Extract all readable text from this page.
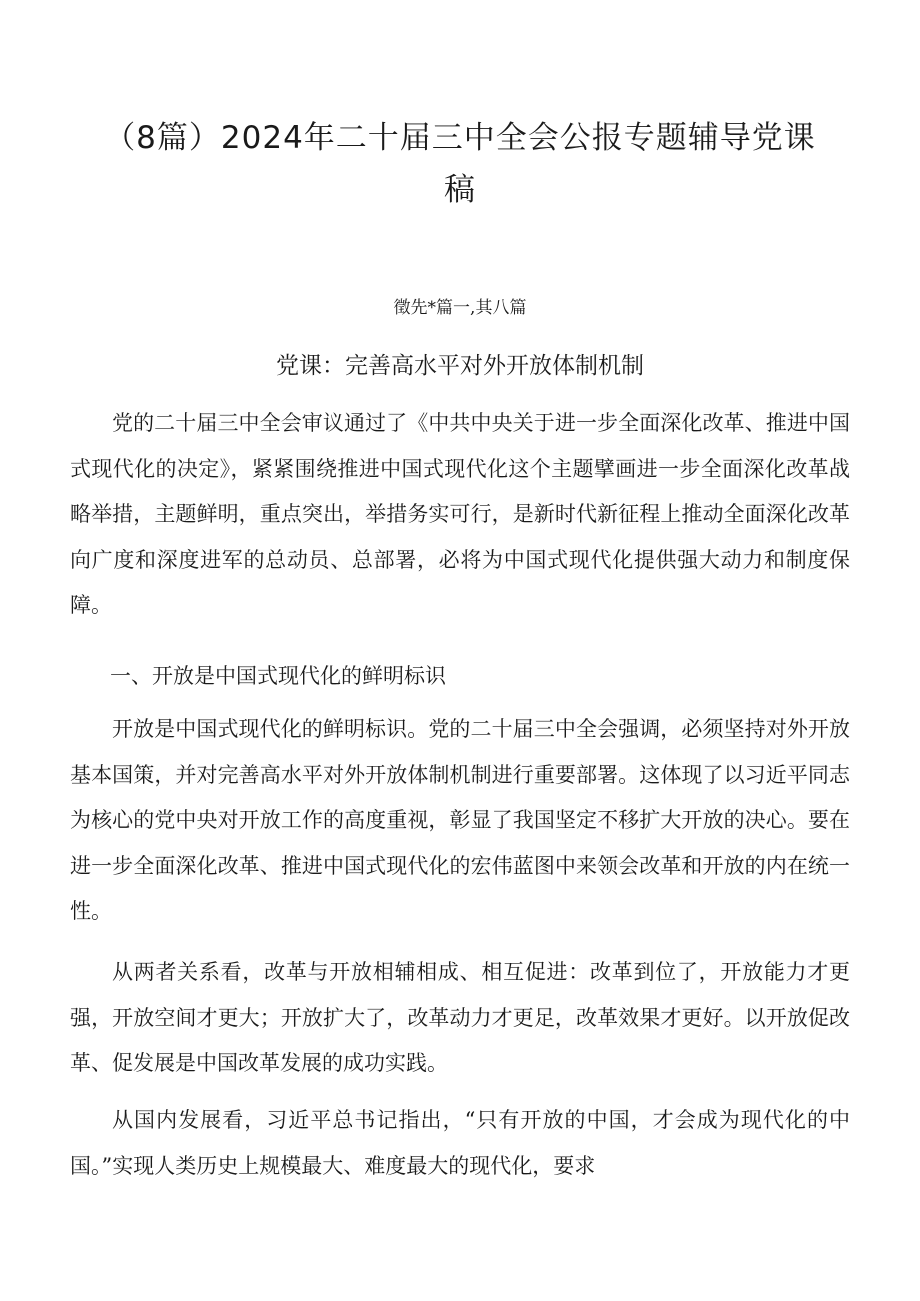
（8篇）2024年二十届三中全会公报专题辅导党课稿
徵先*篇一,其八篇
党课：完善高水平对外开放体制机制

党的二十届三中全会审议通过了《中共中央关于进一步全面深化改革、推进中国式现代化的决定》，紧紧围绕推进中国式现代化这个主题擘画进一步全面深化改革战略举措，主题鲜明，重点突出，举措务实可行，是新时代新征程上推动全面深化改革向广度和深度进军的总动员、总部署，必将为中国式现代化提供强大动力和制度保障。

一、开放是中国式现代化的鲜明标识

开放是中国式现代化的鲜明标识。党的二十届三中全会强调，必须坚持对外开放基本国策，并对完善高水平对外开放体制机制进行重要部署。这体现了以习近平同志为核心的党中央对开放工作的高度重视，彰显了我国坚定不移扩大开放的决心。要在进一步全面深化改革、推进中国式现代化的宏伟蓝图中来领会改革和开放的内在统一性。

从两者关系看，改革与开放相辅相成、相互促进：改革到位了，开放能力才更强，开放空间才更大；开放扩大了，改革动力才更足，改革效果才更好。以开放促改革、促发展是中国改革发展的成功实践。

从国内发展看，习近平总书记指出，“只有开放的中国，才会成为现代化的中国。”实现人类历史上规模最大、难度最大的现代化，要求
